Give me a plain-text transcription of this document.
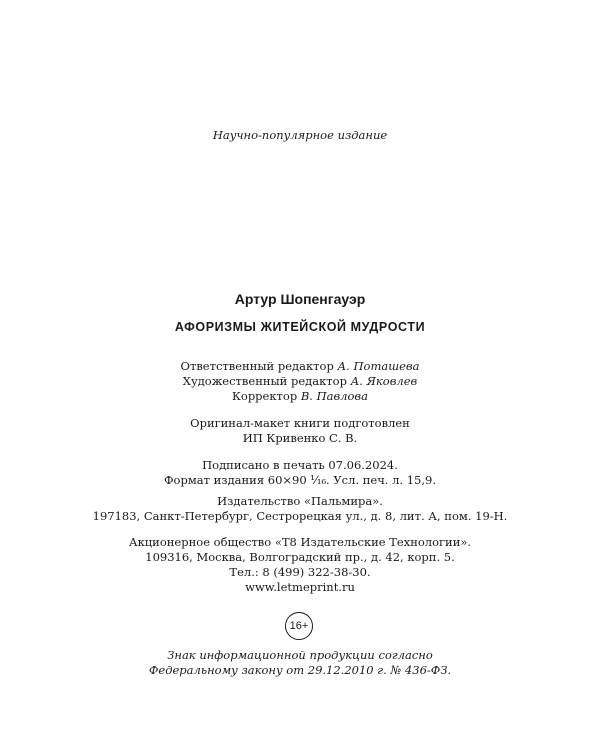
Научно-популярное издание
Артур Шопенгауэр
АФОРИЗМЫ ЖИТЕЙСКОЙ МУДРОСТИ
Ответственный редактор А. Поташева
Художественный редактор А. Яковлев
Корректор В. Павлова
Оригинал-макет книги подготовлен
ИП Кривенко С. В.
Подписано в печать 07.06.2024.
Формат издания 60×90 ¹⁄₁₆. Усл. печ. л. 15,9.
Издательство «Пальмира».
197183, Санкт-Петербург, Сестрорецкая ул., д. 8, лит. А, пом. 19-Н.
Акционерное общество «Т8 Издательские Технологии».
109316, Москва, Волгоградский пр., д. 42, корп. 5.
Тел.: 8 (499) 322-38-30.
www.letmeprint.ru
16+
Знак информационной продукции согласно
Федеральному закону от 29.12.2010 г. № 436-ФЗ.
